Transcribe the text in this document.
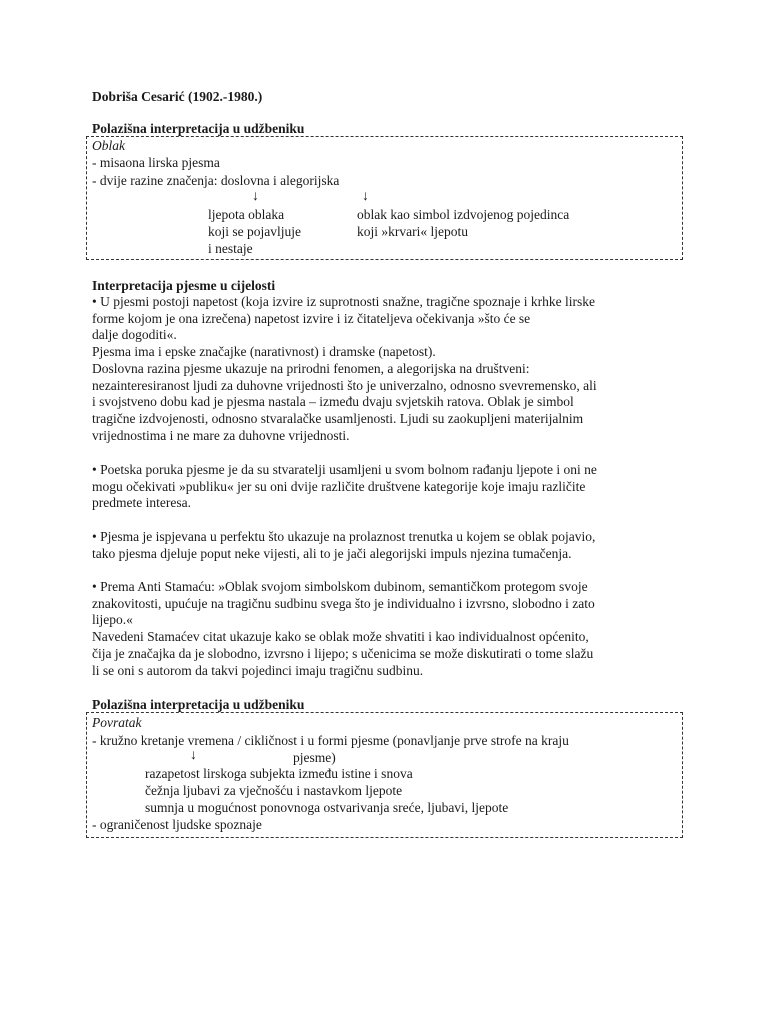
Dobriša Cesarić (1902.-1980.)
Polazišna interpretacija u udžbeniku
Oblak
- misaona lirska pjesma
- dvije razine značenja: doslovna i alegorijska
↓	↓
ljepota oblaka
koji se pojavljuje
i nestaje
oblak kao simbol izdvojenog pojedinca
koji »krvari« ljepotu
Interpretacija pjesme u cijelosti
• U pjesmi postoji napetost (koja izvire iz suprotnosti snažne, tragične spoznaje i krhke lirske
forme kojom je ona izrečena) napetost izvire i iz čitateljeva očekivanja »što će se
dalje dogoditi«.
Pjesma ima i epske značajke (narativnost) i dramske (napetost).
Doslovna razina pjesme ukazuje na prirodni fenomen, a alegorijska na društveni:
nezainteresiranost ljudi za duhovne vrijednosti što je univerzalno, odnosno svevremensko, ali
i svojstveno dobu kad je pjesma nastala – između dvaju svjetskih ratova. Oblak je simbol
tragične izdvojenosti, odnosno stvaralačke usamljenosti. Ljudi su zaokupljeni materijalnim
vrijednostima i ne mare za duhovne vrijednosti.
• Poetska poruka pjesme je da su stvaratelji usamljeni u svom bolnom rađanju ljepote i oni ne
mogu očekivati »publiku« jer su oni dvije različite društvene kategorije koje imaju različite
predmete interesa.
• Pjesma je ispjevana u perfektu što ukazuje na prolaznost trenutka u kojem se oblak pojavio,
tako pjesma djeluje poput neke vijesti, ali to je jači alegorijski impuls njezina tumačenja.
• Prema Anti Stamaću: »Oblak svojom simbolskom dubinom, semantičkom protegom svoje
znakovitosti, upućuje na tragičnu sudbinu svega što je individualno i izvrsno, slobodno i zato
lijepo.«
Navedeni Stamaćev citat ukazuje kako se oblak može shvatiti i kao individualnost općenito,
čija je značajka da je slobodno, izvrsno i lijepo; s učenicima se može diskutirati o tome slažu
li se oni s autorom da takvi pojedinci imaju tragičnu sudbinu.
Polazišna interpretacija u udžbeniku
Povratak
- kružno kretanje vremena / cikličnost i u formi pjesme (ponavljanje prve strofe na kraju
↓	pjesme)
razapetost lirskoga subjekta između istine i snova
čežnja ljubavi za vječnošću i nastavkom ljepote
sumnja u mogućnost ponovnoga ostvarivanja sreće, ljubavi, ljepote
- ograničenost ljudske spoznaje
